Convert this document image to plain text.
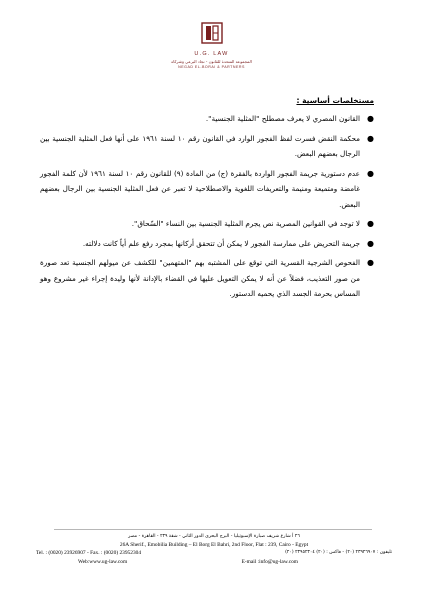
U.G. LAW
المجموعة المتحدة للقانون - نجاد البرعي وشركاه
NEGAD EL-BORAI & PARTNERS
مستخلصات أساسية :
●
القانون المصري لا يعرف مصطلح "المثلية الجنسية".
●
محكمة النقض فسرت لفظ الفجور الوارد في القانون رقم ١٠ لسنة ١٩٦١ على أنها فعل المثلية الجنسية بين الرجال بعضهم البعض.
●
عدم دستورية جريمة الفجور الواردة بالفقرة (ج) من المادة (٩) للقانون رقم ١٠ لسنة ١٩٦١ لأن كلمة الفجور غامضة ومتميعة ومنيمة والتعريفات اللغوية والاصطلاحية لا تعبر عن فعل المثلية الجنسية بين الرجال بعضهم البعض.
●
لا توجد في القوانين المصرية نص يجرم المثلية الجنسية بين النساء "السّحاق".
●
جريمة التحريض على ممارسة الفجور لا يمكن أن تتحقق أركانها بمجرد رفع علم أياً كانت دلالته.
●
الفحوص الشرجية القسرية التي توقع على المشتبه بهم "المتهمين" للكشف عن ميولهم الجنسية تعد صورة من صور التعذيب، فضلاً عن أنه لا يمكن التعويل عليها في القضاء بالإدانة لأنها وليدة إجراء غير مشروع وهو المساس بحرمة الجسد الذي يحميه الدستور.
٢٦ أ شارع شريف صبارة الإسبوتيليا - البرج البحري الدور الثاني - شقة ٢٣٩ - القاهرة - مصر
26A Sherif., Emobilia Building – El Borg El Bahri, 2nd Floor, Flat : 239, Cairo - Egypt
Tel. : (0020) 23926907 - Fax. : (0020) 23952304	تليفون : ٢٣٩٢٦٩٠٧ (٢٠) - فاكس : (٢٠) ٢٣٩٥٢٣٠٤ (٢٠)
Web:www.ug-law.com	E-mail :info@ug-law.com
